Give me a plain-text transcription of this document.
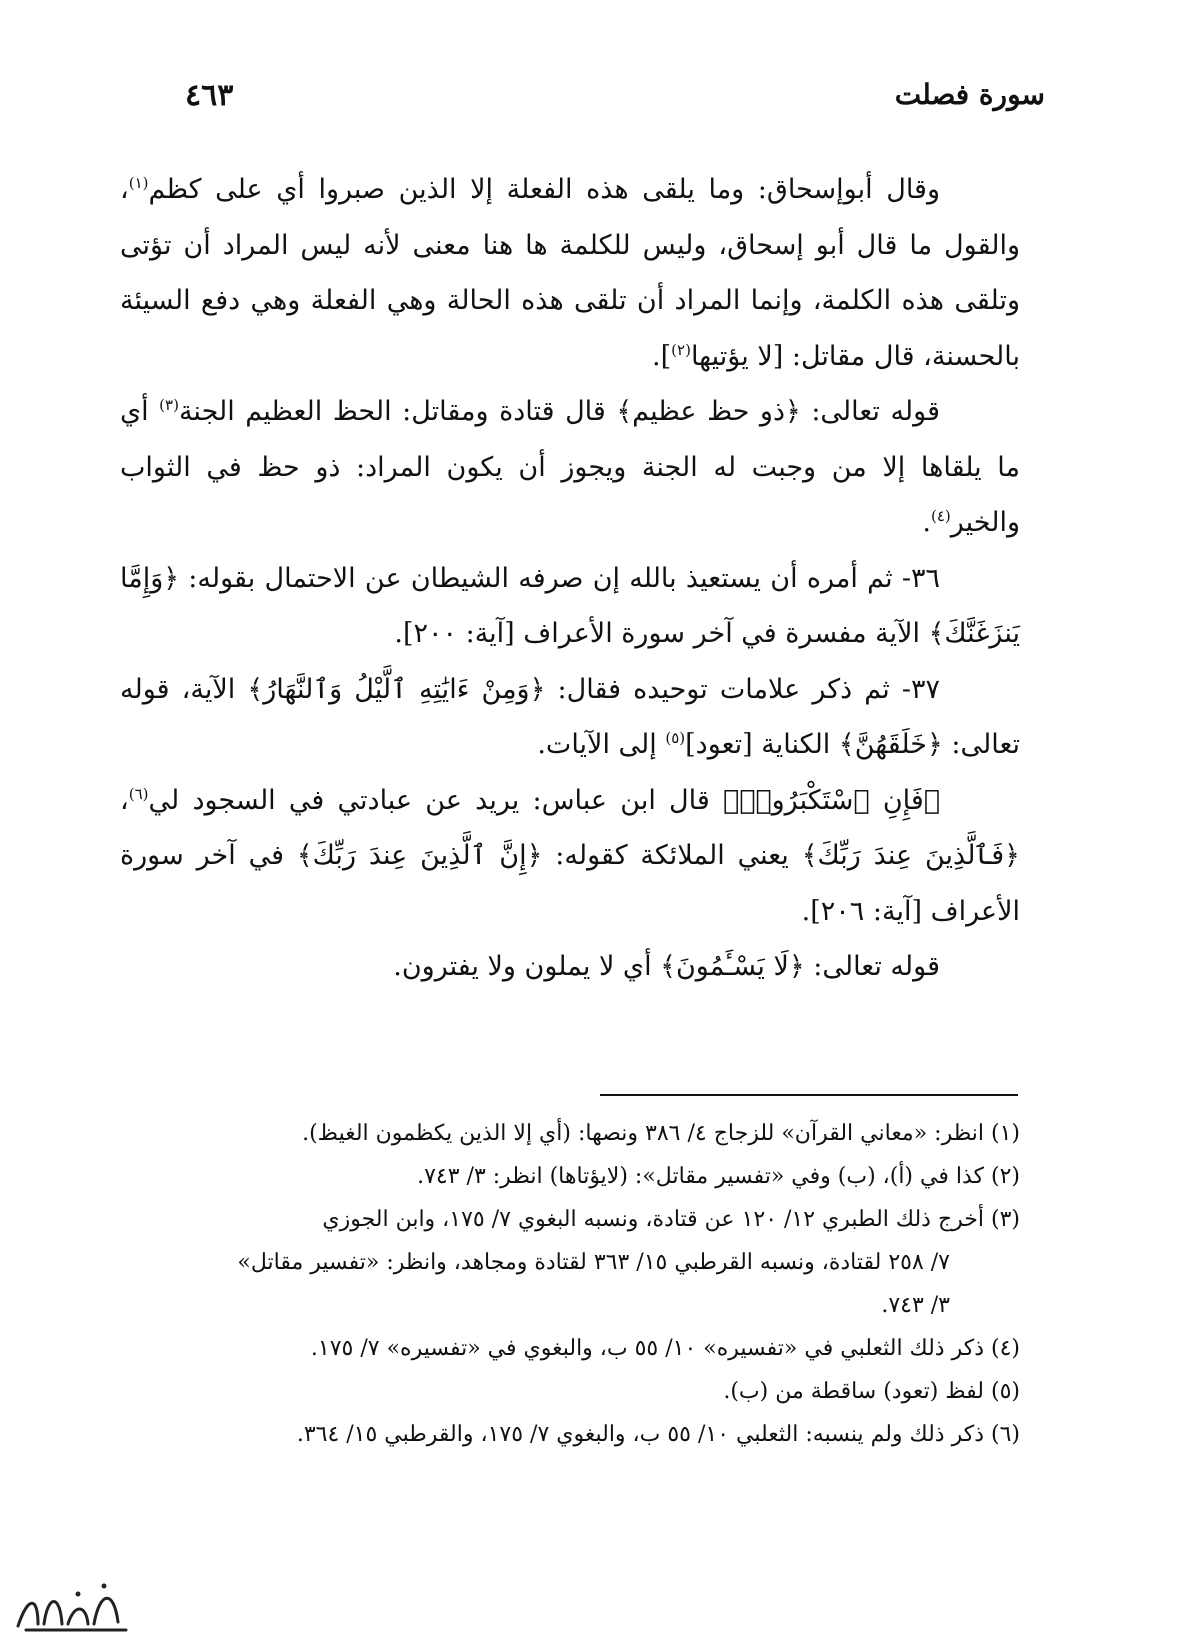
سورة فصلت
٤٦٣

وقال أبوإسحاق: وما يلقى هذه الفعلة إلا الذين صبروا أي على كظم$^{(١)}$، والقول ما قال أبو إسحاق، وليس للكلمة ها هنا معنى لأنه ليس المراد أن تؤتى وتلقى هذه الكلمة، وإنما المراد أن تلقى هذه الحالة وهي الفعلة وهي دفع السيئة بالحسنة، قال مقاتل: [لا يؤتيها$^{(٢)}$].

قوله تعالى: ﴿ذو حظ عظيم﴾ قال قتادة ومقاتل: الحظ العظيم الجنة$^{(٣)}$ أي ما يلقاها إلا من وجبت له الجنة ويجوز أن يكون المراد: ذو حظ في الثواب والخير$^{(٤)}$.

٣٦- ثم أمره أن يستعيذ بالله إن صرفه الشيطان عن الاحتمال بقوله: ﴿وَإِمَّا يَنزَغَنَّكَ﴾ الآية مفسرة في آخر سورة الأعراف [آية: ٢٠٠].

٣٧- ثم ذكر علامات توحيده فقال: ﴿وَمِنْ ءَايَٰتِهِ ٱلَّيْلُ وَٱلنَّهَارُ﴾ الآية، قوله تعالى: ﴿خَلَقَهُنَّ﴾ الكناية [تعود]$^{(٥)}$ إلى الآيات.

﴿فَإِنِ ٱسْتَكْبَرُوا۟﴾ قال ابن عباس: يريد عن عبادتي في السجود لي$^{(٦)}$، ﴿فَٱلَّذِينَ عِندَ رَبِّكَ﴾ يعني الملائكة كقوله: ﴿إِنَّ ٱلَّذِينَ عِندَ رَبِّكَ﴾ في آخر سورة الأعراف [آية: ٢٠٦].

قوله تعالى: ﴿لَا يَسْـَٔمُونَ﴾ أي لا يملون ولا يفترون.

(١) انظر: «معاني القرآن» للزجاج ٤/ ٣٨٦ ونصها: (أي إلا الذين يكظمون الغيظ).

(٢) كذا في (أ)، (ب) وفي «تفسير مقاتل»: (لايؤتاها) انظر: ٣/ ٧٤٣.

(٣) أخرج ذلك الطبري ١٢/ ١٢٠ عن قتادة، ونسبه البغوي ٧/ ١٧٥، وابن الجوزي

٧/ ٢٥٨ لقتادة، ونسبه القرطبي ١٥/ ٣٦٣ لقتادة ومجاهد، وانظر: «تفسير مقاتل»

٣/ ٧٤٣.

(٤) ذكر ذلك الثعلبي في «تفسيره» ١٠/ ٥٥ ب، والبغوي في «تفسيره» ٧/ ١٧٥.

(٥) لفظ (تعود) ساقطة من (ب).

(٦) ذكر ذلك ولم ينسبه: الثعلبي ١٠/ ٥٥ ب، والبغوي ٧/ ١٧٥، والقرطبي ١٥/ ٣٦٤.
